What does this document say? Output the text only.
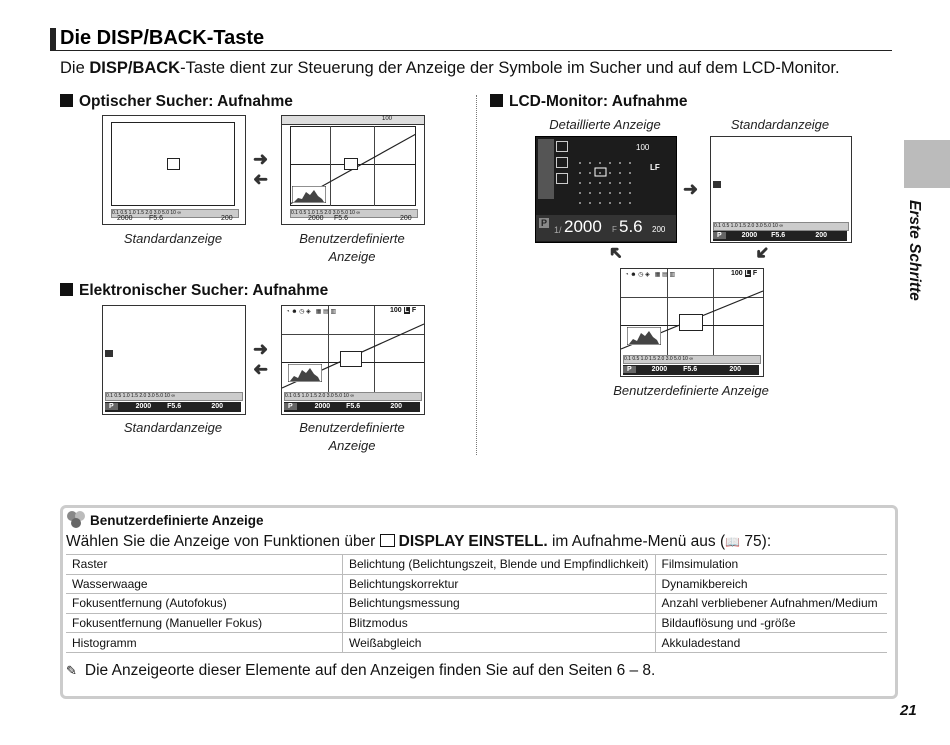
Die DISP/BACK-Taste
Die DISP/BACK-Taste dient zur Steuerung der Anzeige der Symbole im Sucher und auf dem LCD-Monitor.
Optischer Sucher: Aufnahme	LCD-Monitor: Aufnahme
Elektronischer Sucher: Aufnahme
0.1 0.5 1.0 1.5 2.0 3.0 5.0 10 ∞
2000 F5.6	200
➜
➜
100
0.1 0.5 1.0 1.5 2.0 3.0 5.0 10 ∞
2000 F5.6	200
Standardanzeige	Benutzerdefinierte Anzeige
0.1 0.5 1.0 1.5 2.0 3.0 5.0 10 ∞
P	2000 F5.6	200
➜
➜
◔ ☻ ◷ ◈   ▦ ▤ ▥	100 L F
0.1 0.5 1.0 1.5 2.0 3.0 5.0 10 ∞
P	2000 F5.6	200
Standardanzeige	Benutzerdefinierte Anzeige
Detaillierte Anzeige	Standardanzeige
100
LF
P
1/ 2000 F 5.6 200
➜
0.1 0.5 1.0 1.5 2.0 3.0 5.0 10 ∞
P	2000 F5.6	200
➜	➜
◔ ☻ ◷ ◈   ▦ ▤ ▥	100 L F
0.1 0.5 1.0 1.5 2.0 3.0 5.0 10 ∞
P	2000 F5.6	200
Benutzerdefinierte Anzeige
Erste Schritte
Benutzerdefinierte Anzeige
Wählen Sie die Anzeige von Funktionen über DISPLAY EINSTELL. im Aufnahme-Menü aus (📖 75):
Raster	Belichtung (Belichtungszeit, Blende und Empfindlichkeit)	Filmsimulation
Wasserwaage	Belichtungskorrektur	Dynamikbereich
Fokusentfernung (Autofokus)	Belichtungsmessung	Anzahl verbliebener Aufnahmen/Medium
Fokusentfernung (Manueller Fokus)	Blitzmodus	Bildauflösung und -größe
Histogramm	Weißabgleich	Akkuladestand
✎ Die Anzeigeorte dieser Elemente auf den Anzeigen finden Sie auf den Seiten 6 – 8.
21
